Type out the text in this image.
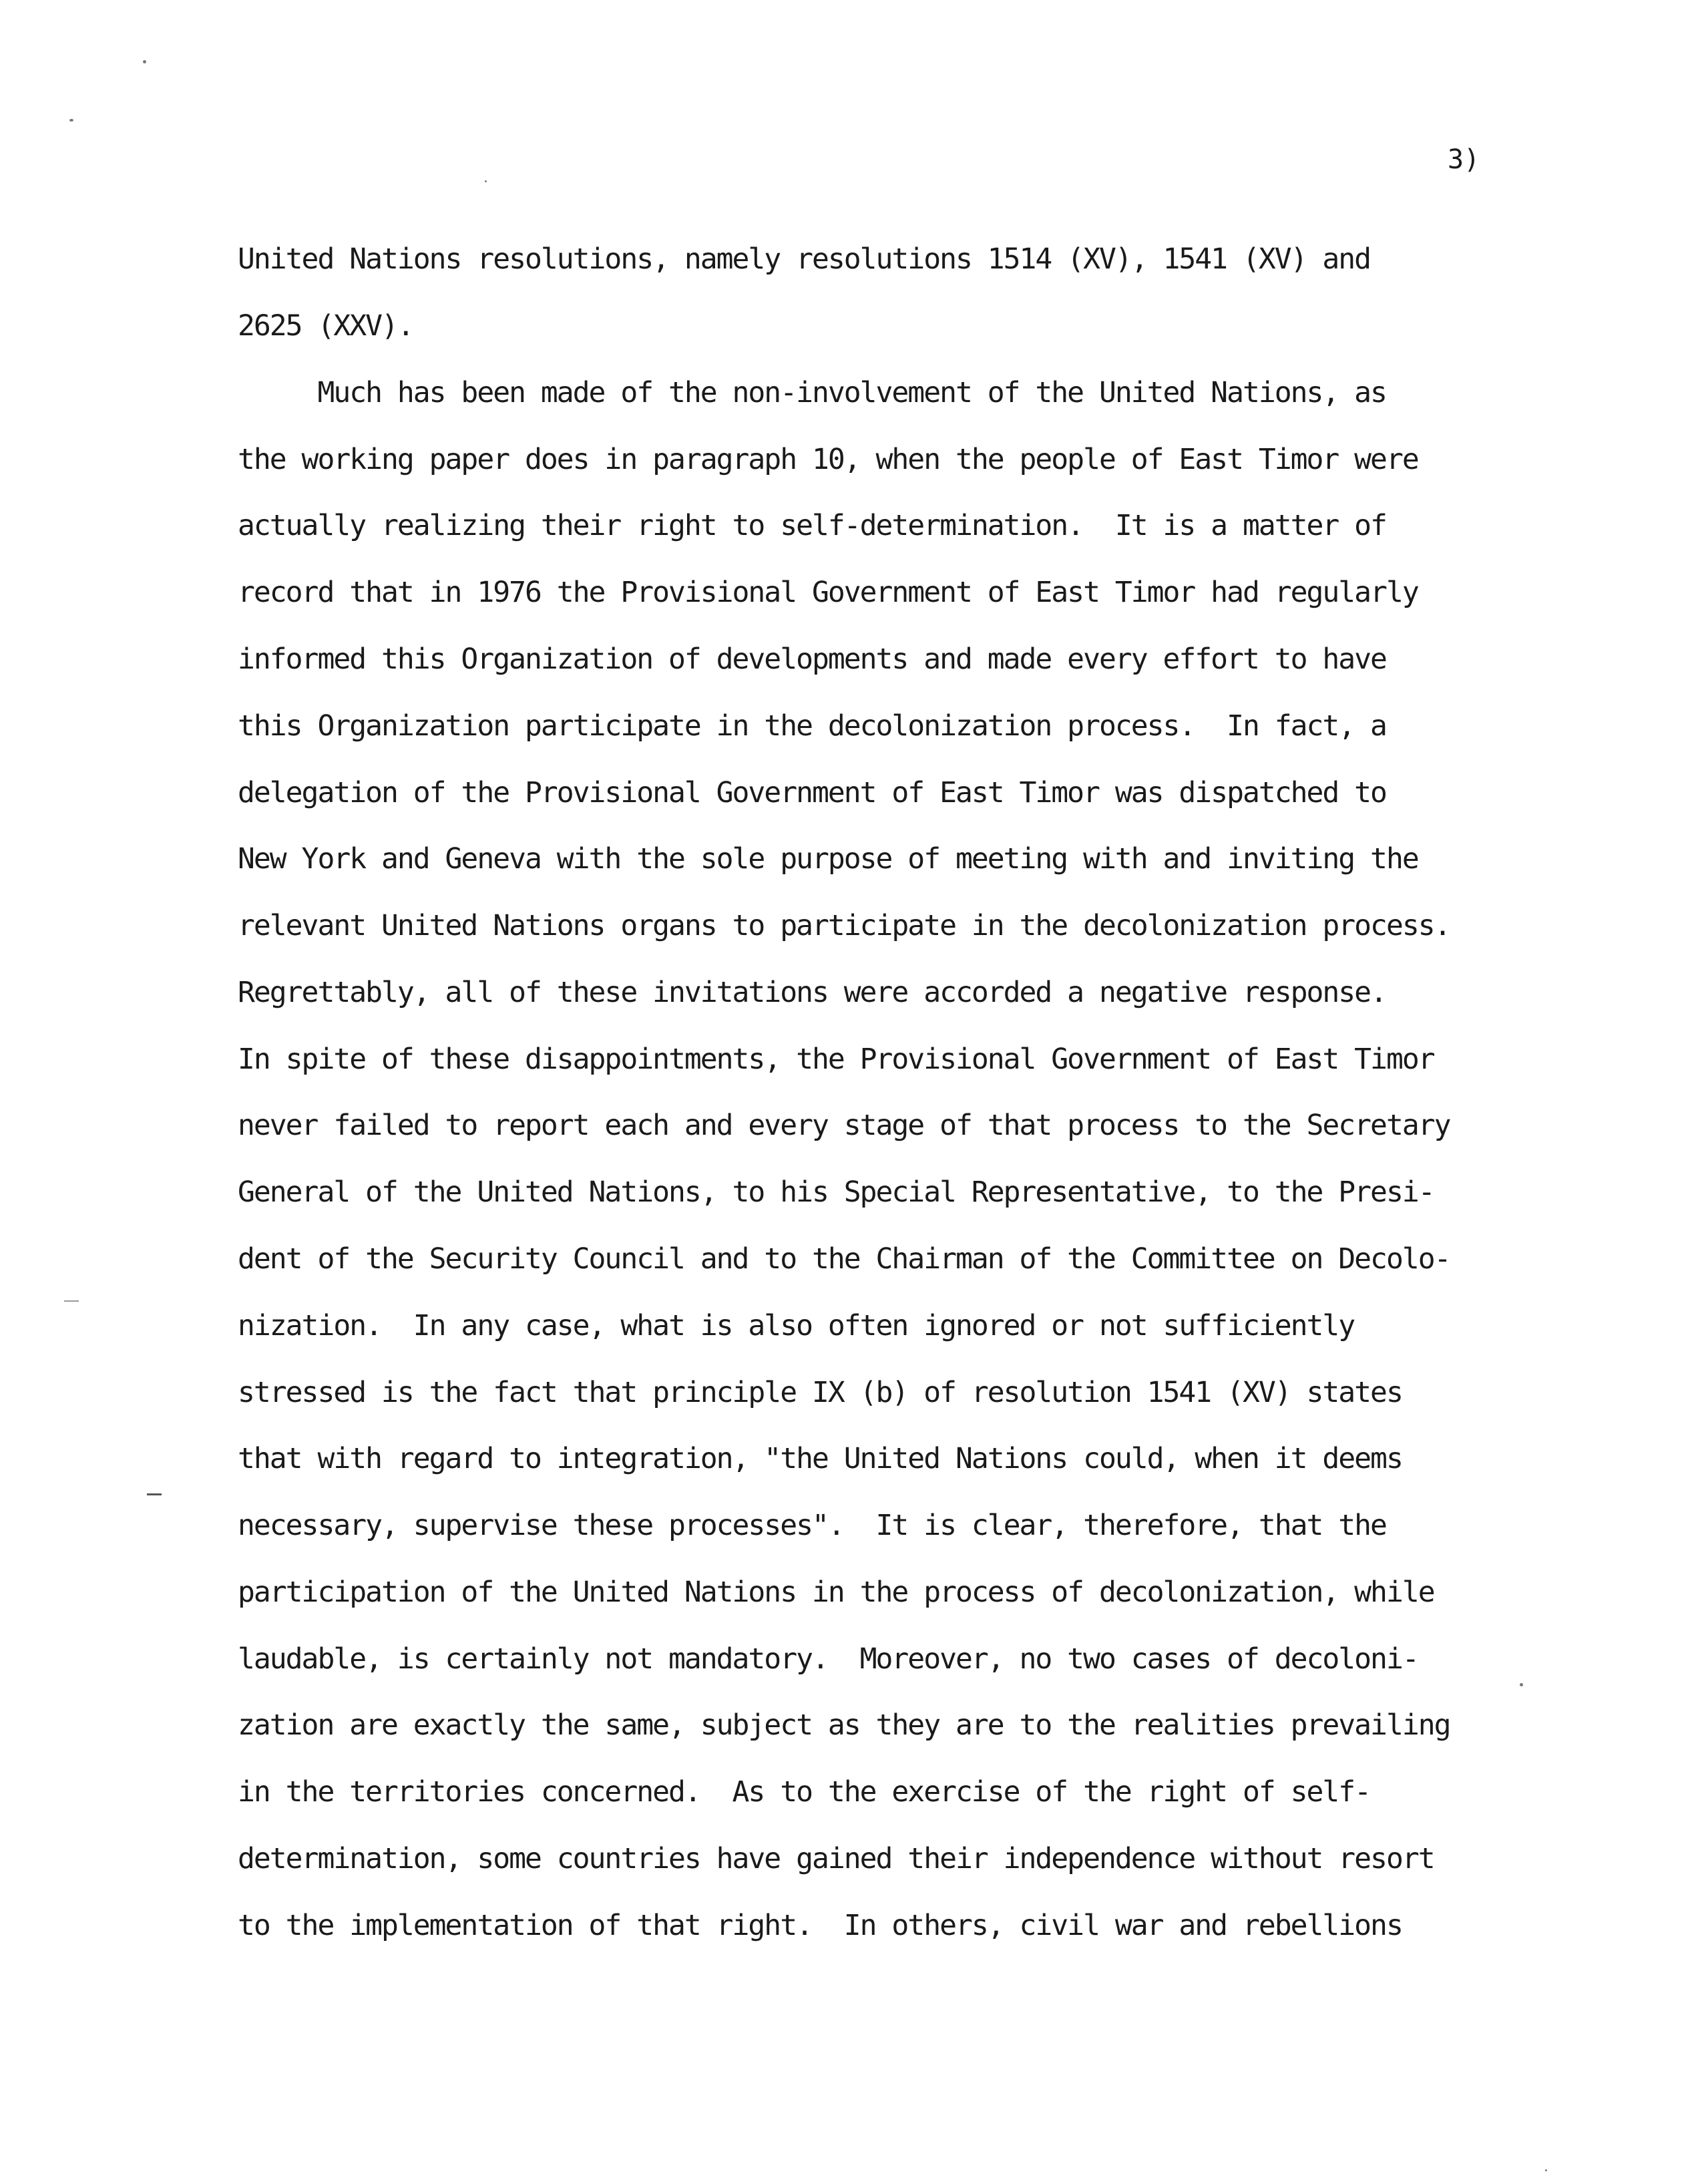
3)
United Nations resolutions, namely resolutions 1514 (XV), 1541 (XV) and
2625 (XXV).
Much has been made of the non-involvement of the United Nations, as
the working paper does in paragraph 10, when the people of East Timor were
actually realizing their right to self-determination.  It is a matter of
record that in 1976 the Provisional Government of East Timor had regularly
informed this Organization of developments and made every effort to have
this Organization participate in the decolonization process.  In fact, a
delegation of the Provisional Government of East Timor was dispatched to
New York and Geneva with the sole purpose of meeting with and inviting the
relevant United Nations organs to participate in the decolonization process.
Regrettably, all of these invitations were accorded a negative response.
In spite of these disappointments, the Provisional Government of East Timor
never failed to report each and every stage of that process to the Secretary
General of the United Nations, to his Special Representative, to the Presi-
dent of the Security Council and to the Chairman of the Committee on Decolo-
nization.  In any case, what is also often ignored or not sufficiently
stressed is the fact that principle IX (b) of resolution 1541 (XV) states
that with regard to integration, "the United Nations could, when it deems
necessary, supervise these processes".  It is clear, therefore, that the
participation of the United Nations in the process of decolonization, while
laudable, is certainly not mandatory.  Moreover, no two cases of decoloni-
zation are exactly the same, subject as they are to the realities prevailing
in the territories concerned.  As to the exercise of the right of self-
determination, some countries have gained their independence without resort
to the implementation of that right.  In others, civil war and rebellions
